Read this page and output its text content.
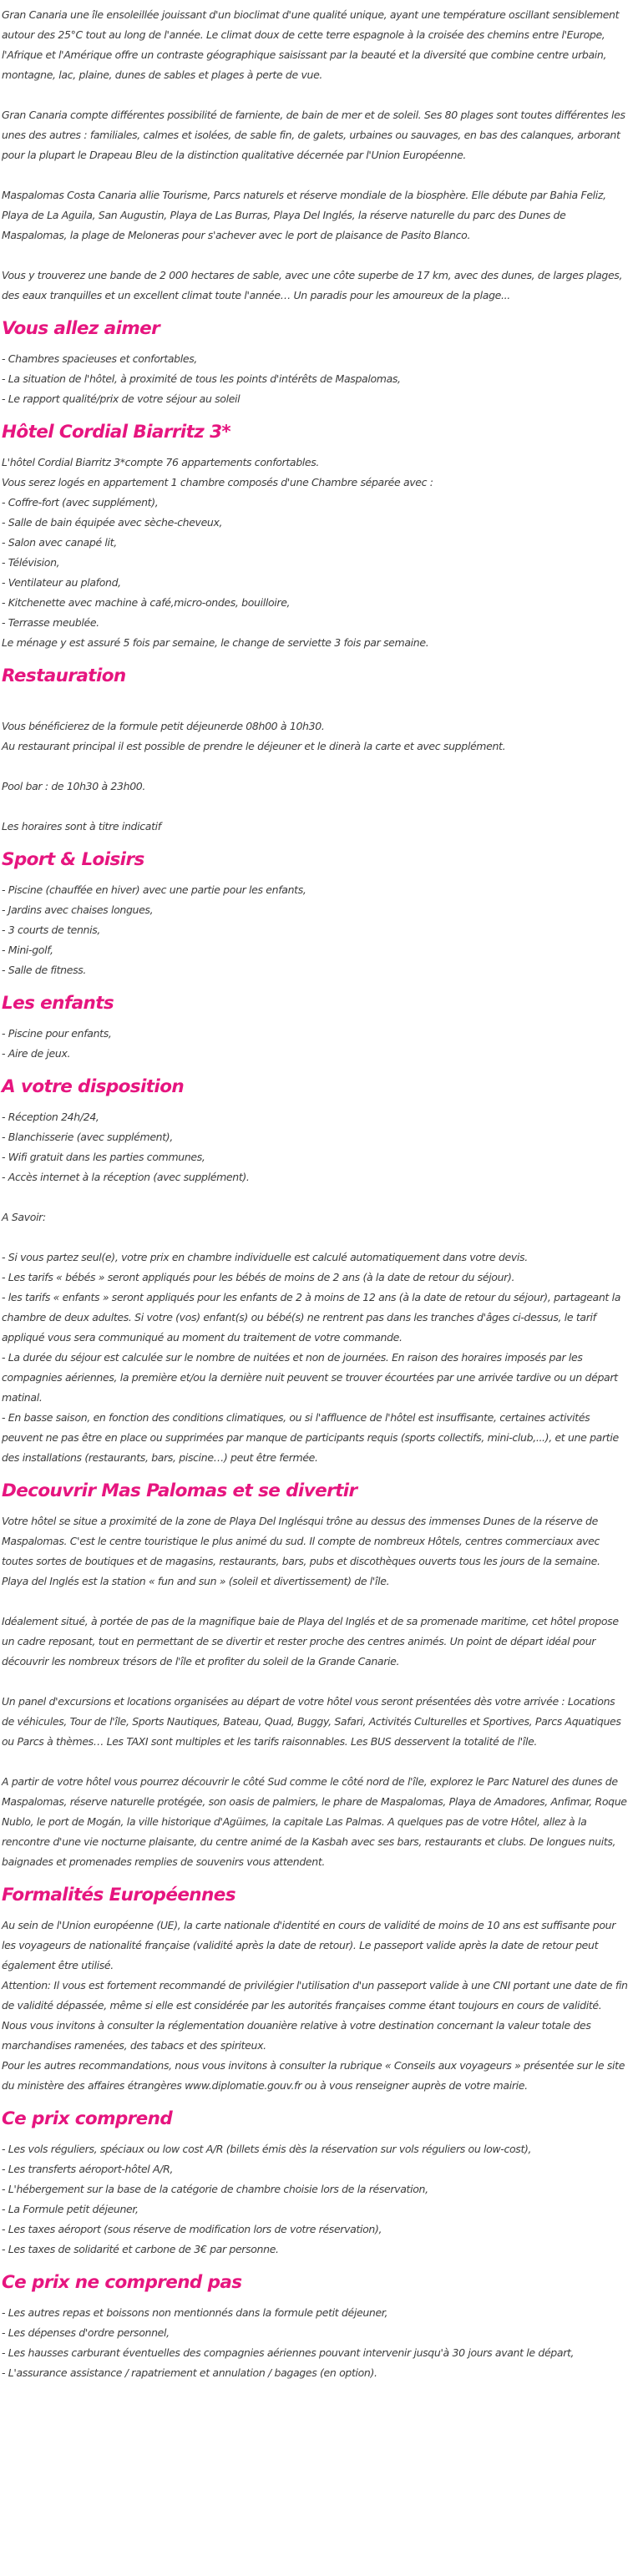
Gran Canaria une île ensoleillée jouissant d'un bioclimat d'une qualité unique, ayant une température oscillant sensiblement autour des 25°C tout au long de l'année. Le climat doux de cette terre espagnole à la croisée des chemins entre l'Europe, l'Afrique et l'Amérique offre un contraste géographique saisissant par la beauté et la diversité que combine centre urbain, montagne, lac, plaine, dunes de sables et plages à perte de vue.

Gran Canaria compte différentes possibilité de farniente, de bain de mer et de soleil. Ses 80 plages sont toutes différentes les unes des autres : familiales, calmes et isolées, de sable fin, de galets, urbaines ou sauvages, en bas des calanques, arborant pour la plupart le Drapeau Bleu de la distinction qualitative décernée par l'Union Européenne.

Maspalomas Costa Canaria allie Tourisme, Parcs naturels et réserve mondiale de la biosphère. Elle débute par Bahia Feliz, Playa de La Aguila, San Augustin, Playa de Las Burras, Playa Del Inglés, la réserve naturelle du parc des Dunes de Maspalomas, la plage de Meloneras pour s'achever avec le port de plaisance de Pasito Blanco.

Vous y trouverez une bande de 2 000 hectares de sable, avec une côte superbe de 17 km, avec des dunes, de larges plages, des eaux tranquilles et un excellent climat toute l'année… Un paradis pour les amoureux de la plage...

Vous allez aimer
- Chambres spacieuses et confortables,
- La situation de l'hôtel, à proximité de tous les points d'intérêts de Maspalomas,
- Le rapport qualité/prix de votre séjour au soleil
Hôtel Cordial Biarritz 3*
L'hôtel Cordial Biarritz 3*compte 76 appartements confortables.
Vous serez logés en appartement 1 chambre composés d'une Chambre séparée avec :
- Coffre-fort (avec supplément),
- Salle de bain équipée avec sèche-cheveux,
- Salon avec canapé lit,
- Télévision,
- Ventilateur au plafond,
- Kitchenette avec machine à café,micro-ondes, bouilloire,
- Terrasse meublée.
Le ménage y est assuré 5 fois par semaine, le change de serviette 3 fois par semaine.
Restauration
Vous bénéficierez de la formule petit déjeunerde 08h00 à 10h30.
Au restaurant principal il est possible de prendre le déjeuner et le dinerà la carte et avec supplément.
Pool bar : de 10h30 à 23h00.
Les horaires sont à titre indicatif
Sport & Loisirs
- Piscine (chauffée en hiver) avec une partie pour les enfants,
- Jardins avec chaises longues,
- 3 courts de tennis,
- Mini-golf,
- Salle de fitness.
Les enfants
- Piscine pour enfants,
- Aire de jeux.
A votre disposition
- Réception 24h/24,
- Blanchisserie (avec supplément),
- Wifi gratuit dans les parties communes,
- Accès internet à la réception (avec supplément).
A Savoir:
- Si vous partez seul(e), votre prix en chambre individuelle est calculé automatiquement dans votre devis.
- Les tarifs « bébés » seront appliqués pour les bébés de moins de 2 ans (à la date de retour du séjour).
- les tarifs « enfants » seront appliqués pour les enfants de 2 à moins de 12 ans (à la date de retour du séjour), partageant la chambre de deux adultes. Si votre (vos) enfant(s) ou bébé(s) ne rentrent pas dans les tranches d'âges ci-dessus, le tarif appliqué vous sera communiqué au moment du traitement de votre commande.
- La durée du séjour est calculée sur le nombre de nuitées et non de journées. En raison des horaires imposés par les compagnies aériennes, la première et/ou la dernière nuit peuvent se trouver écourtées par une arrivée tardive ou un départ matinal.
- En basse saison, en fonction des conditions climatiques, ou si l'affluence de l'hôtel est insuffisante, certaines activités peuvent ne pas être en place ou supprimées par manque de participants requis (sports collectifs, mini-club,...), et une partie des installations (restaurants, bars, piscine…) peut être fermée.
Decouvrir Mas Palomas et se divertir
Votre hôtel se situe a proximité de la zone de Playa Del Inglésqui trône au dessus des immenses Dunes de la réserve de Maspalomas. C'est le centre touristique le plus animé du sud. Il compte de nombreux Hôtels, centres commerciaux avec toutes sortes de boutiques et de magasins, restaurants, bars, pubs et discothèques ouverts tous les jours de la semaine. Playa del Inglés est la station « fun and sun » (soleil et divertissement) de l'île.
Idéalement situé, à portée de pas de la magnifique baie de Playa del Inglés et de sa promenade maritime, cet hôtel propose un cadre reposant, tout en permettant de se divertir et rester proche des centres animés. Un point de départ idéal pour découvrir les nombreux trésors de l'île et profiter du soleil de la Grande Canarie.
Un panel d'excursions et locations organisées au départ de votre hôtel vous seront présentées dès votre arrivée : Locations de véhicules, Tour de l'île, Sports Nautiques, Bateau, Quad, Buggy, Safari, Activités Culturelles et Sportives, Parcs Aquatiques ou Parcs à thèmes… Les TAXI sont multiples et les tarifs raisonnables. Les BUS desservent la totalité de l'île.
A partir de votre hôtel vous pourrez découvrir le côté Sud comme le côté nord de l'île, explorez le Parc Naturel des dunes de Maspalomas, réserve naturelle protégée, son oasis de palmiers, le phare de Maspalomas, Playa de Amadores, Anfimar, Roque Nublo, le port de Mogán, la ville historique d'Agüimes, la capitale Las Palmas. A quelques pas de votre Hôtel, allez à la rencontre d'une vie nocturne plaisante, du centre animé de la Kasbah avec ses bars, restaurants et clubs. De longues nuits, baignades et promenades remplies de souvenirs vous attendent.
Formalités Européennes
Au sein de l'Union européenne (UE), la carte nationale d'identité en cours de validité de moins de 10 ans est suffisante pour les voyageurs de nationalité française (validité après la date de retour). Le passeport valide après la date de retour peut également être utilisé.
Attention: Il vous est fortement recommandé de privilégier l'utilisation d'un passeport valide à une CNI portant une date de fin de validité dépassée, même si elle est considérée par les autorités françaises comme étant toujours en cours de validité.
Nous vous invitons à consulter la réglementation douanière relative à votre destination concernant la valeur totale des marchandises ramenées, des tabacs et des spiriteux.
Pour les autres recommandations, nous vous invitons à consulter la rubrique « Conseils aux voyageurs » présentée sur le site du ministère des affaires étrangères www.diplomatie.gouv.fr ou à vous renseigner auprès de votre mairie.
Ce prix comprend
- Les vols réguliers, spéciaux ou low cost A/R (billets émis dès la réservation sur vols réguliers ou low-cost),
- Les transferts aéroport-hôtel A/R,
- L'hébergement sur la base de la catégorie de chambre choisie lors de la réservation,
- La Formule petit déjeuner,
- Les taxes aéroport (sous réserve de modification lors de votre réservation),
- Les taxes de solidarité et carbone de 3€ par personne.
Ce prix ne comprend pas
- Les autres repas et boissons non mentionnés dans la formule petit déjeuner,
- Les dépenses d'ordre personnel,
- Les hausses carburant éventuelles des compagnies aériennes pouvant intervenir jusqu'à 30 jours avant le départ,
- L'assurance assistance / rapatriement et annulation / bagages (en option).
